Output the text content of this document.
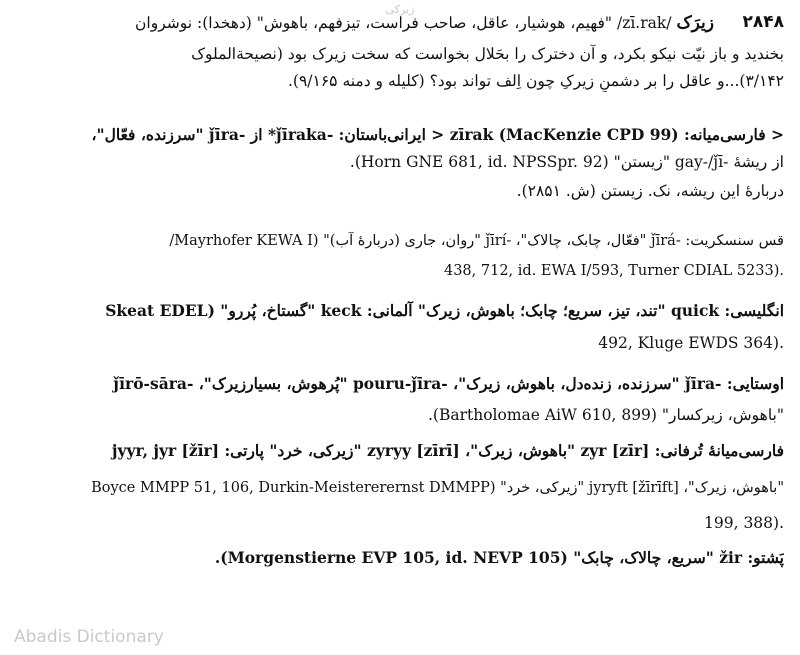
زیرکی
۲۸۴۸
زیرَک /zī.rak/ "فهیم، هوشیار، عاقل، صاحب فراست، تیزفهم، باهوش" (دهخدا): نوشروان
بخندید و باز نیّت نیکو بکرد، و آن دخترک را بحَلال بخواست که سخت زیرک بود (نصیحة‌الملوک
۳/۱۴۲)...و عاقل را بر دشمنِ زیرکِ چون اِلف تواند بود؟ (کلیله و دمنه ۹/۱۶۵).
< فارسی‌میانه: zīrak (MacKenzie CPD 99) < ایرانی‌باستان: -ǰīraka* از -ǰīra "سرزنده، فعّال"،
از ریشهٔ -gay-/ǰī "زیستن" (Horn GNE 681, id. NPSSpr. 92).
دربارهٔ این ریشه، نک. زیستن (ش. ۲۸۵۱).
قس سنسکریت: -ǰīrá "فعّال، چابک، چالاک"، -ǰīrí "روان، جاری (دربارهٔ آب)" (Mayrhofer KEWA I/
438, 712, id. EWA I/593, Turner CDIAL 5233).
انگلیسی: quick "تند، تیز، سریع؛ چابک؛ باهوش، زیرک" آلمانی: keck "گستاخ، پُررو" (Skeat EDEL
492, Kluge EWDS 364).
اوستایی: -ǰīra "سرزنده، زنده‌دل، باهوش، زیرک"، -pouru-ǰīra "پُرهوش، بسیارزیرک"، -ǰīrō-sāra
"باهوش، زیرکسار" (Bartholomae AiW 610, 899).
فارسی‌میانهٔ تُرفانی: zyr [zīr] "باهوش، زیرک"، zyryy [zīrī] "زیرکی، خرد" پارتی: jyyr, jyr [žīr]
"باهوش، زیرک"، jyryft [žīrīft] "زیرکی، خرد" (Boyce MMPP 51, 106, Durkin-Meistererernst DMMPP
199, 388).
پَشتو: žir "سریع، چالاک، چابک" (Morgenstierne EVP 105, id. NEVP 105).
Abadis Dictionary
